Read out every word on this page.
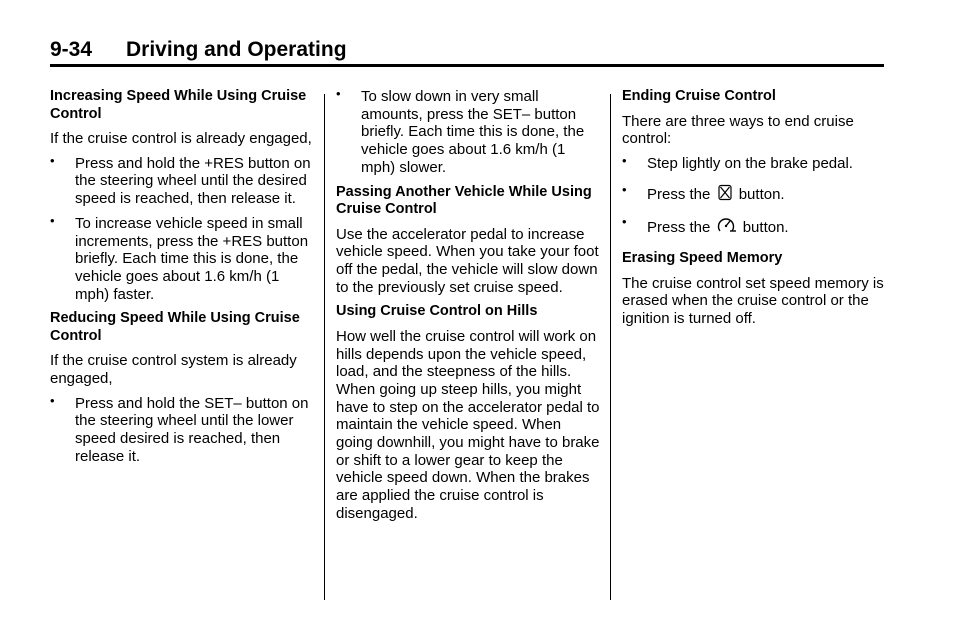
9-34	Driving and Operating
Increasing Speed While Using Cruise Control
If the cruise control is already engaged,
• Press and hold the +RES button on the steering wheel until the desired speed is reached, then release it.
• To increase vehicle speed in small increments, press the +RES button briefly. Each time this is done, the vehicle goes about 1.6 km/h (1 mph) faster.
Reducing Speed While Using Cruise Control
If the cruise control system is already engaged,
• Press and hold the SET– button on the steering wheel until the lower speed desired is reached, then release it.
• To slow down in very small amounts, press the SET– button briefly. Each time this is done, the vehicle goes about 1.6 km/h (1 mph) slower.
Passing Another Vehicle While Using Cruise Control
Use the accelerator pedal to increase vehicle speed. When you take your foot off the pedal, the vehicle will slow down to the previously set cruise speed.
Using Cruise Control on Hills
How well the cruise control will work on hills depends upon the vehicle speed, load, and the steepness of the hills. When going up steep hills, you might have to step on the accelerator pedal to maintain the vehicle speed. When going downhill, you might have to brake or shift to a lower gear to keep the vehicle speed down. When the brakes are applied the cruise control is disengaged.
Ending Cruise Control
There are three ways to end cruise control:
• Step lightly on the brake pedal.
• Press the button.
• Press the button.
Erasing Speed Memory
The cruise control set speed memory is erased when the cruise control or the ignition is turned off.
